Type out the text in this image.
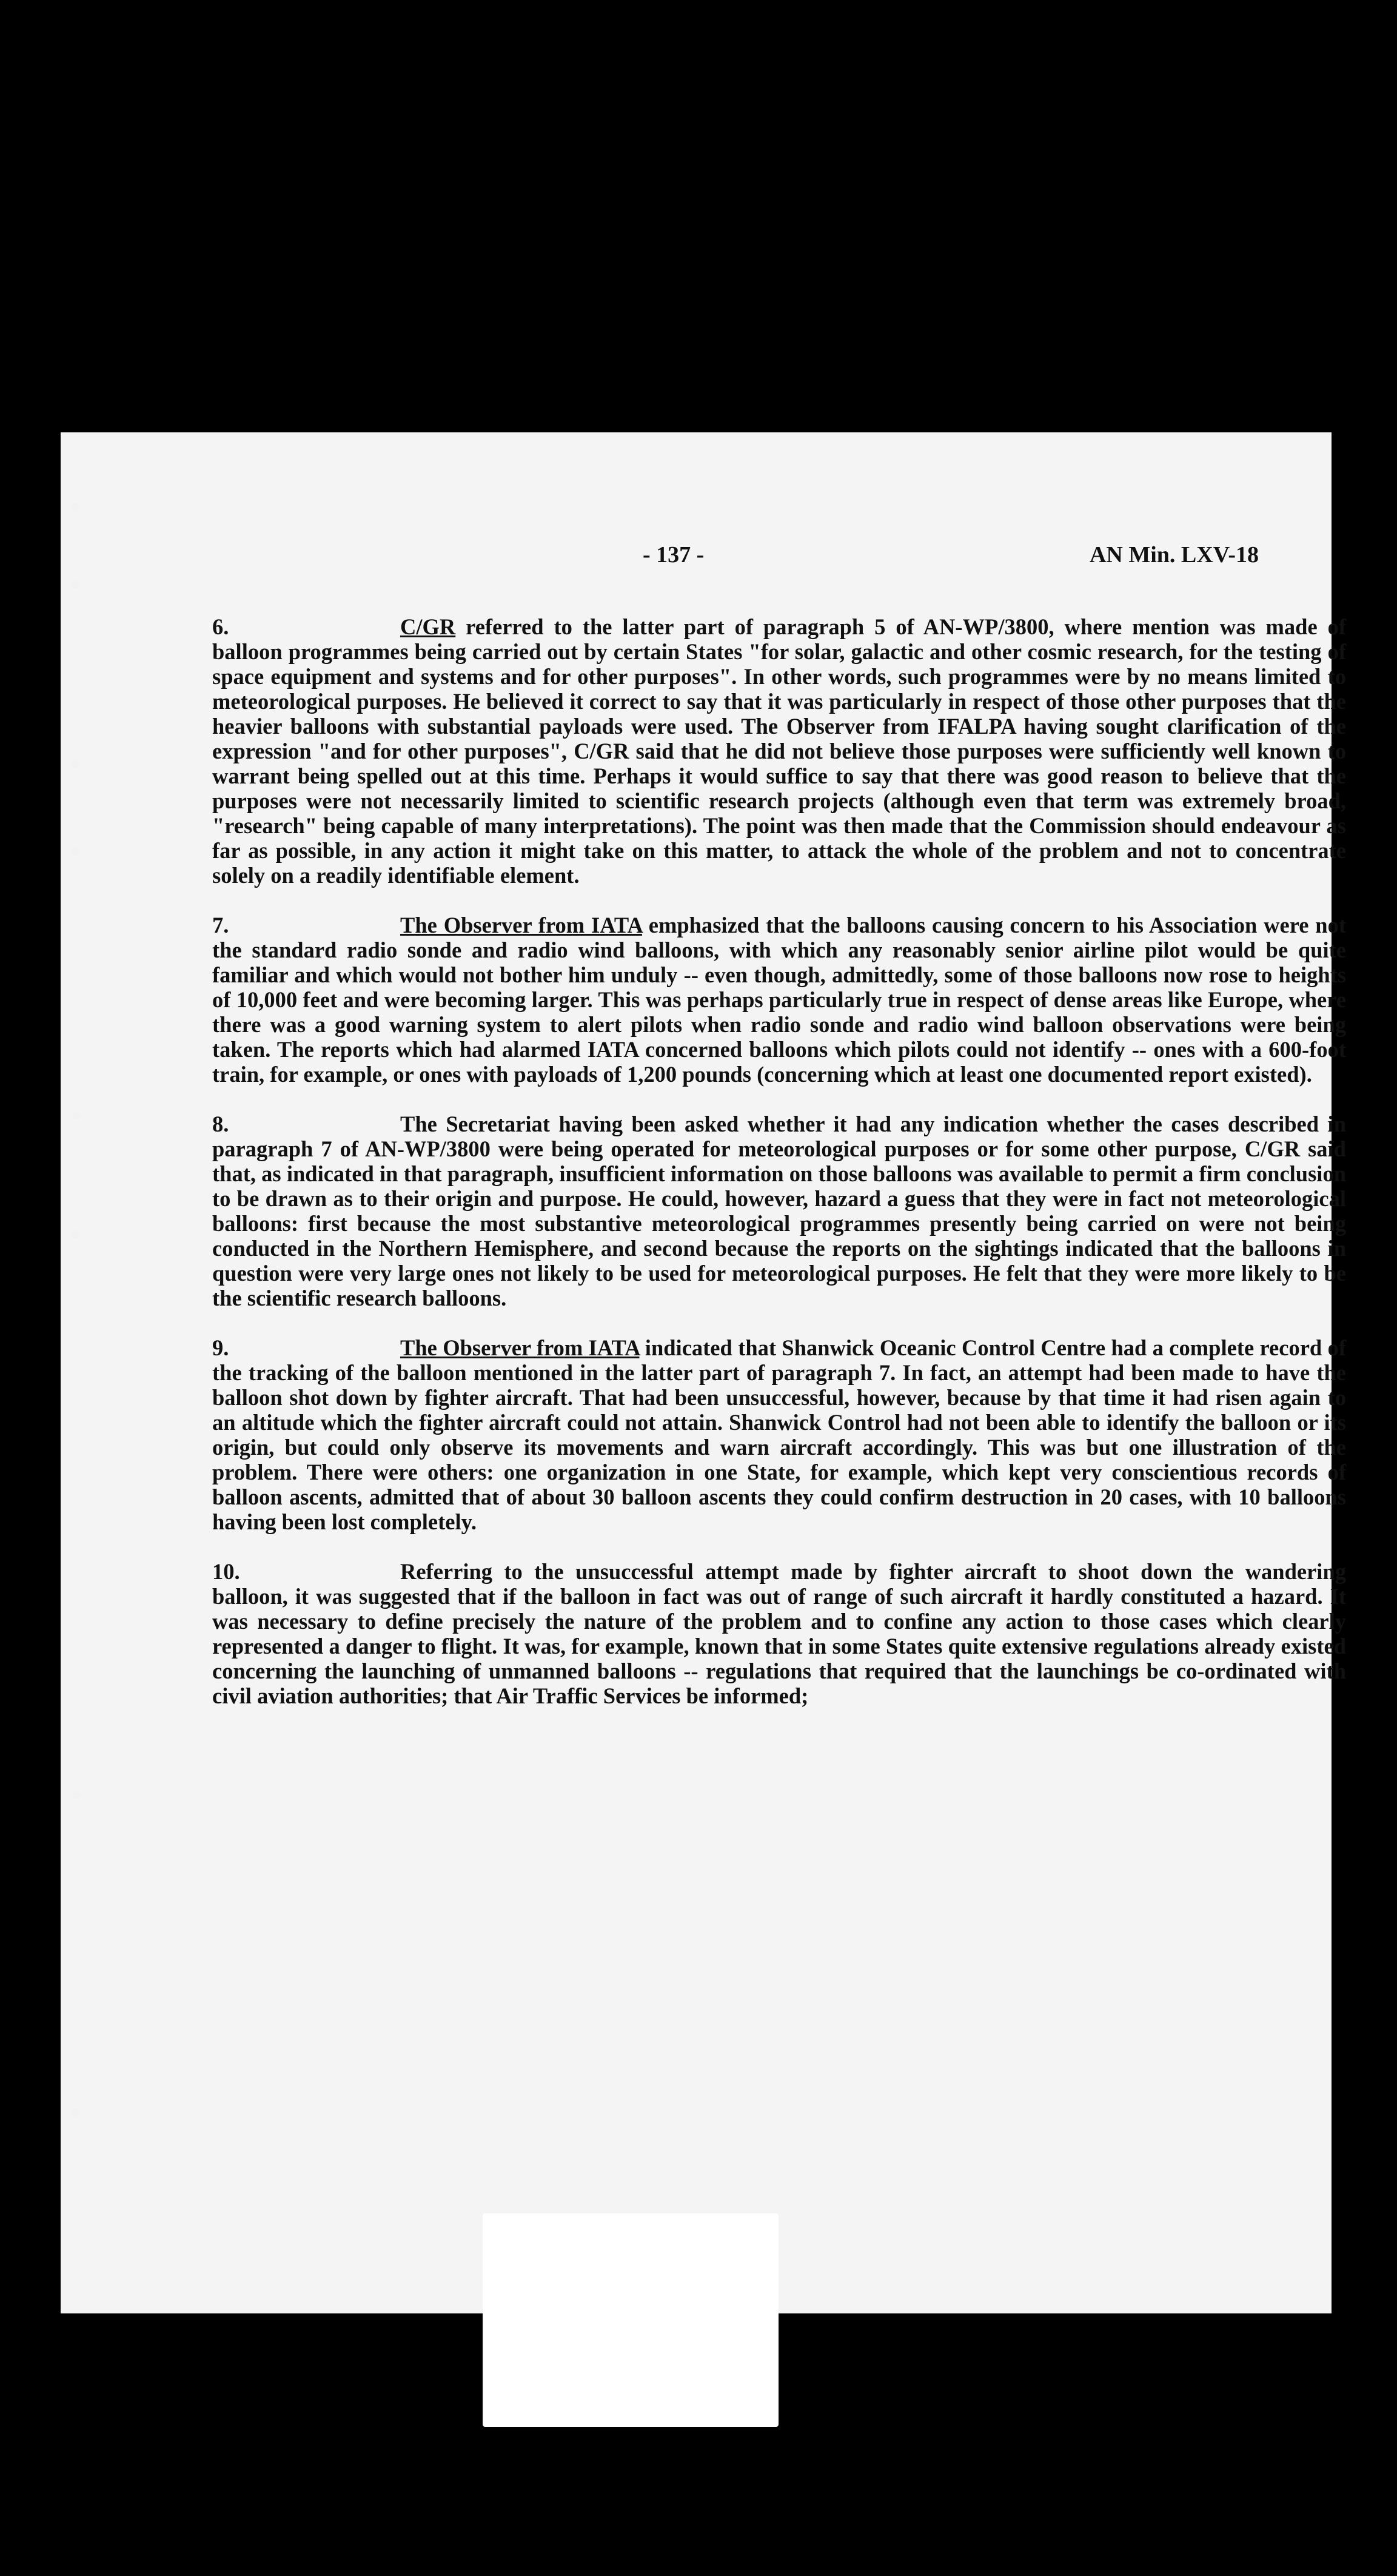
- 137 -	AN Min. LXV-18

6.	C/GR referred to the latter part of paragraph 5 of AN-WP/3800, where mention was made of balloon programmes being carried out by certain States "for solar, galactic and other cosmic research, for the testing of space equipment and systems and for other purposes". In other words, such programmes were by no means limited to meteorological purposes. He believed it correct to say that it was particularly in respect of those other purposes that the heavier balloons with substantial payloads were used. The Observer from IFALPA having sought clarification of the expression "and for other purposes", C/GR said that he did not believe those purposes were sufficiently well known to warrant being spelled out at this time. Perhaps it would suffice to say that there was good reason to believe that the purposes were not necessarily limited to scientific research projects (although even that term was extremely broad, "research" being capable of many interpretations). The point was then made that the Commission should endeavour as far as possible, in any action it might take on this matter, to attack the whole of the problem and not to concentrate solely on a readily identifiable element.

7.	The Observer from IATA emphasized that the balloons causing concern to his Association were not the standard radio sonde and radio wind balloons, with which any reasonably senior airline pilot would be quite familiar and which would not bother him unduly -- even though, admittedly, some of those balloons now rose to heights of 10,000 feet and were becoming larger. This was perhaps particularly true in respect of dense areas like Europe, where there was a good warning system to alert pilots when radio sonde and radio wind balloon observations were being taken. The reports which had alarmed IATA concerned balloons which pilots could not identify -- ones with a 600-foot train, for example, or ones with payloads of 1,200 pounds (concerning which at least one documented report existed).

8.	The Secretariat having been asked whether it had any indication whether the cases described in paragraph 7 of AN-WP/3800 were being operated for meteorological purposes or for some other purpose, C/GR said that, as indicated in that paragraph, insufficient information on those balloons was available to permit a firm conclusion to be drawn as to their origin and purpose. He could, however, hazard a guess that they were in fact not meteorological balloons: first because the most substantive meteorological programmes presently being carried on were not being conducted in the Northern Hemisphere, and second because the reports on the sightings indicated that the balloons in question were very large ones not likely to be used for meteorological purposes. He felt that they were more likely to be the scientific research balloons.

9.	The Observer from IATA indicated that Shanwick Oceanic Control Centre had a complete record of the tracking of the balloon mentioned in the latter part of paragraph 7. In fact, an attempt had been made to have the balloon shot down by fighter aircraft. That had been unsuccessful, however, because by that time it had risen again to an altitude which the fighter aircraft could not attain. Shanwick Control had not been able to identify the balloon or its origin, but could only observe its movements and warn aircraft accordingly. This was but one illustration of the problem. There were others: one organization in one State, for example, which kept very conscientious records of balloon ascents, admitted that of about 30 balloon ascents they could confirm destruction in 20 cases, with 10 balloons having been lost completely.

10.	Referring to the unsuccessful attempt made by fighter aircraft to shoot down the wandering balloon, it was suggested that if the balloon in fact was out of range of such aircraft it hardly constituted a hazard. It was necessary to define precisely the nature of the problem and to confine any action to those cases which clearly represented a danger to flight. It was, for example, known that in some States quite extensive regulations already existed concerning the launching of unmanned balloons -- regulations that required that the launchings be co-ordinated with civil aviation authorities; that Air Traffic Services be informed;
